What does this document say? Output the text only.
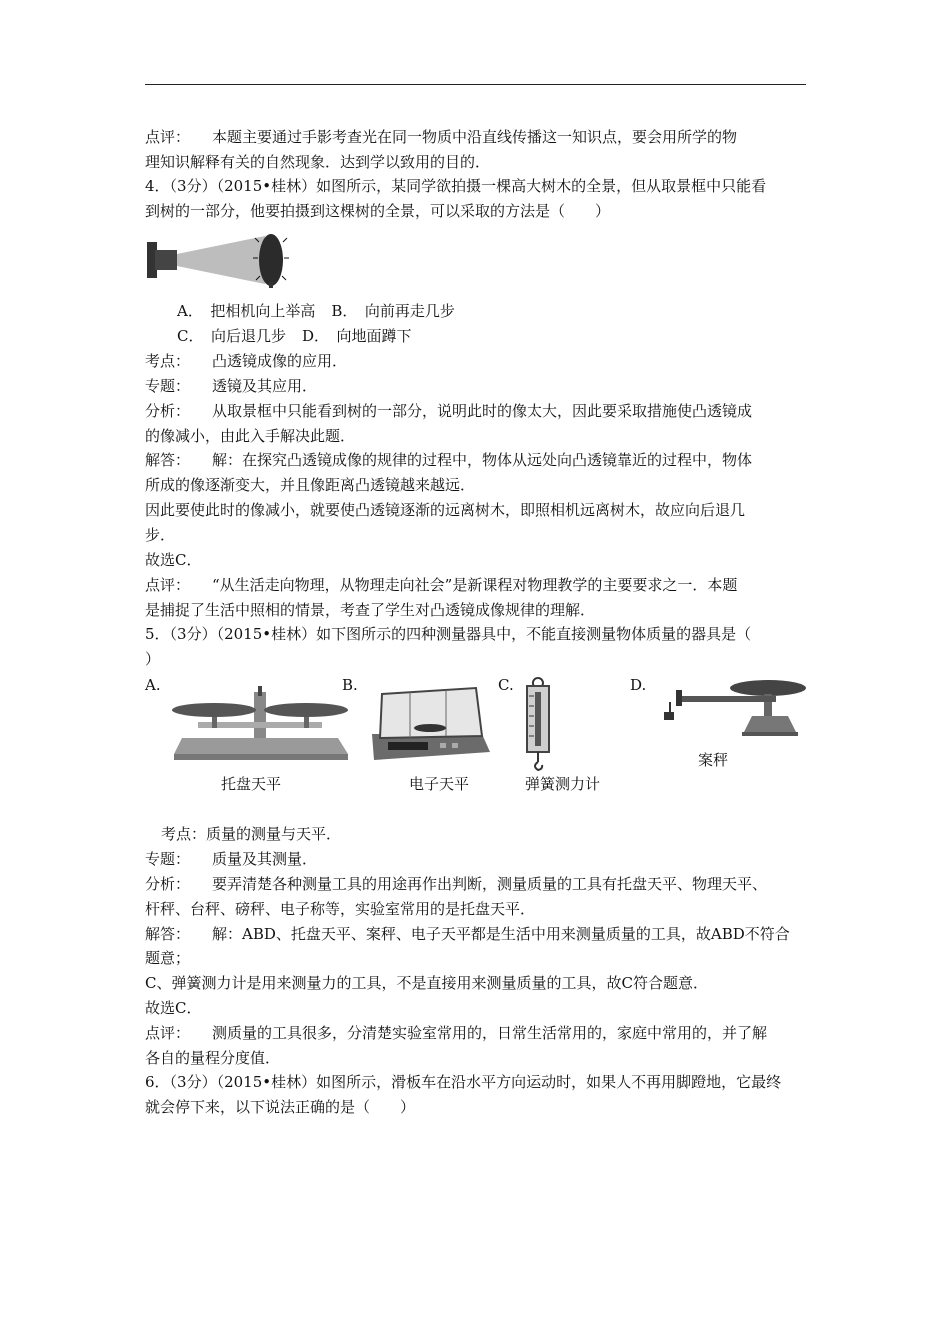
点评： 本题主要通过手影考查光在同一物质中沿直线传播这一知识点，要会用所学的物
理知识解释有关的自然现象．达到学以致用的目的．
4．（3分）（2015•桂林）如图所示，某同学欲拍摄一棵高大树木的全景，但从取景框中只能看
到树的一部分，他要拍摄到这棵树的全景，可以采取的方法是（　　）
A．　把相机向上举高 B．　向前再走几步
C．　向后退几步 D．　向地面蹲下
考点： 凸透镜成像的应用．
专题： 透镜及其应用．
分析： 从取景框中只能看到树的一部分，说明此时的像太大，因此要采取措施使凸透镜成
的像减小，由此入手解决此题．
解答： 解：在探究凸透镜成像的规律的过程中，物体从远处向凸透镜靠近的过程中，物体
所成的像逐渐变大，并且像距离凸透镜越来越远．
因此要使此时的像减小，就要使凸透镜逐渐的远离树木，即照相机远离树木，故应向后退几
步．
故选C．
点评： “从生活走向物理，从物理走向社会”是新课程对物理教学的主要要求之一．本题
是捕捉了生活中照相的情景，考查了学生对凸透镜成像规律的理解．
5．（3分）（2015•桂林）如下图所示的四种测量器具中，不能直接测量物体质量的器具是（
）
A.	B.	C.	D.
托盘天平	电子天平	弹簧测力计
案秤
考点：质量的测量与天平．
专题： 质量及其测量．
分析： 要弄清楚各种测量工具的用途再作出判断，测量质量的工具有托盘天平、物理天平、
杆秤、台秤、磅秤、电子称等，实验室常用的是托盘天平．
解答： 解：ABD、托盘天平、案秤、电子天平都是生活中用来测量质量的工具，故ABD不符合
题意；
C、弹簧测力计是用来测量力的工具，不是直接用来测量质量的工具，故C符合题意．
故选C．
点评： 测质量的工具很多，分清楚实验室常用的，日常生活常用的，家庭中常用的，并了解
各自的量程分度值．
6．（3分）（2015•桂林）如图所示，滑板车在沿水平方向运动时，如果人不再用脚蹬地，它最终
就会停下来，以下说法正确的是（　　）
